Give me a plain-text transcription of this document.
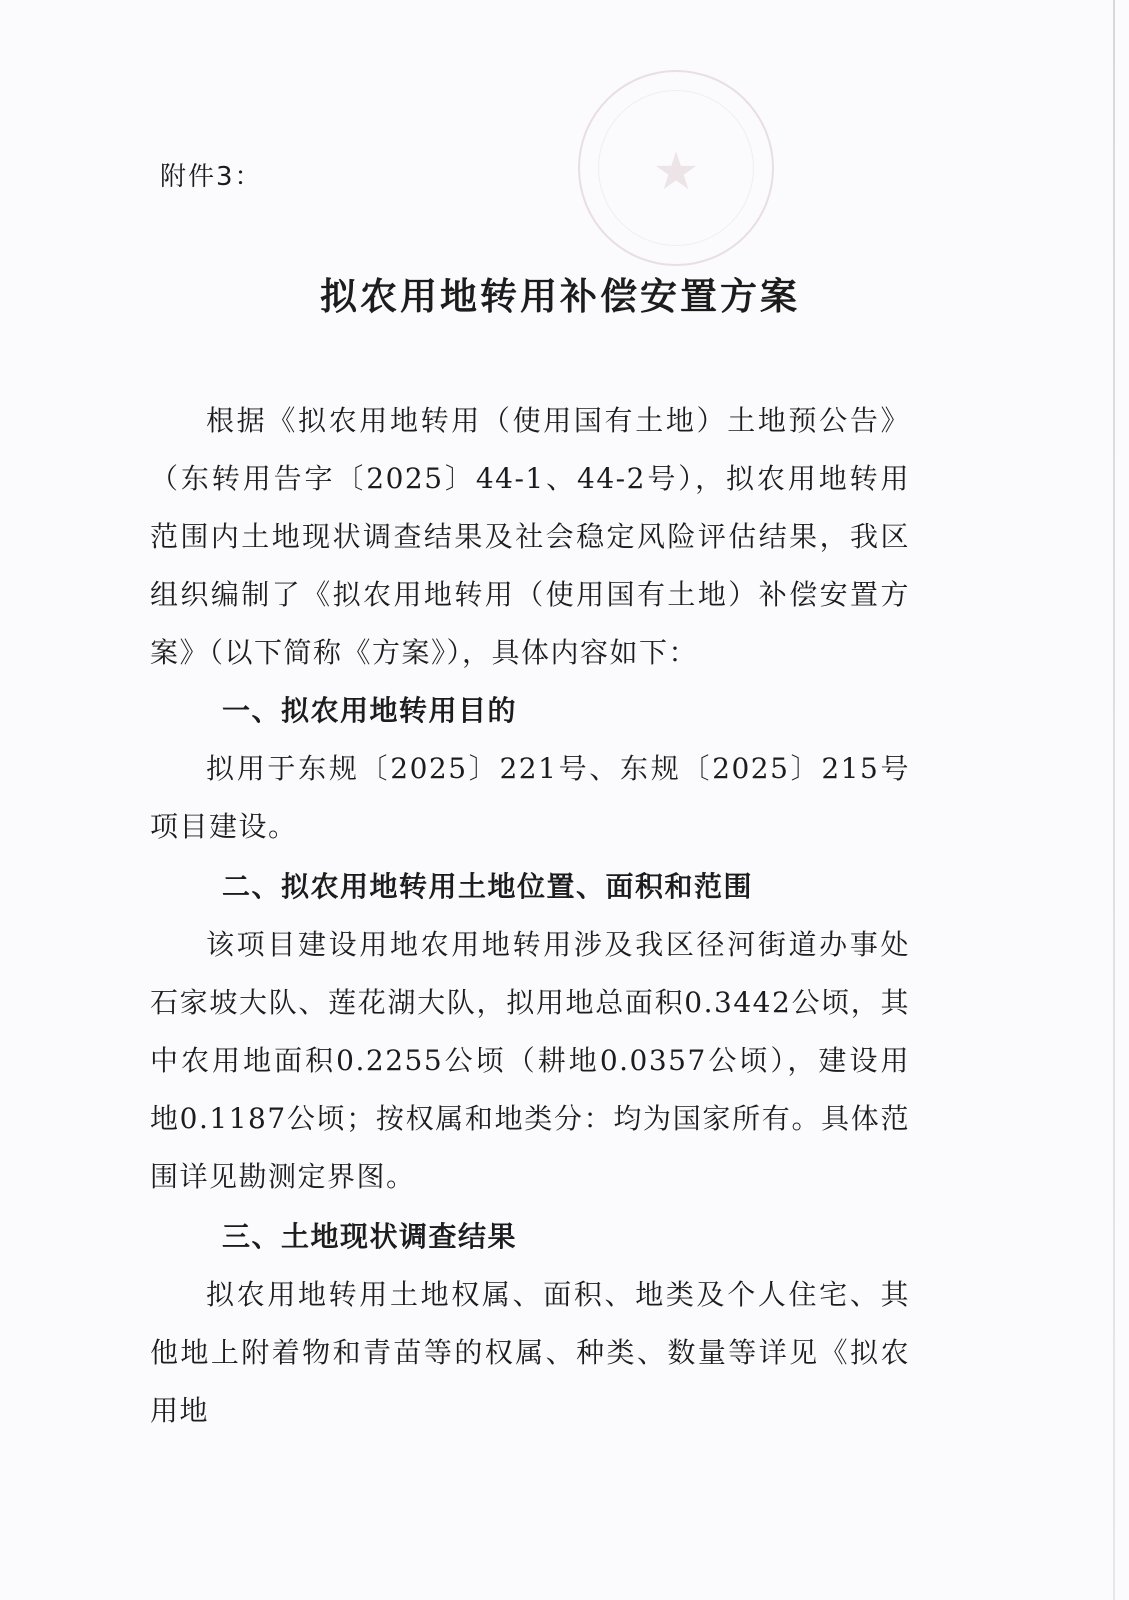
★
附件3：
拟农用地转用补偿安置方案

根据《拟农用地转用（使用国有土地）土地预公告》（东转用告字〔2025〕44-1、44-2号），拟农用地转用范围内土地现状调查结果及社会稳定风险评估结果，我区组织编制了《拟农用地转用（使用国有土地）补偿安置方案》（以下简称《方案》），具体内容如下：

一、拟农用地转用目的

拟用于东规〔2025〕221号、东规〔2025〕215号项目建设。

二、拟农用地转用土地位置、面积和范围

该项目建设用地农用地转用涉及我区径河街道办事处石家坡大队、莲花湖大队，拟用地总面积0.3442公顷，其中农用地面积0.2255公顷（耕地0.0357公顷），建设用地0.1187公顷；按权属和地类分：均为国家所有。具体范围详见勘测定界图。

三、土地现状调查结果

拟农用地转用土地权属、面积、地类及个人住宅、其他地上附着物和青苗等的权属、种类、数量等详见《拟农用地
